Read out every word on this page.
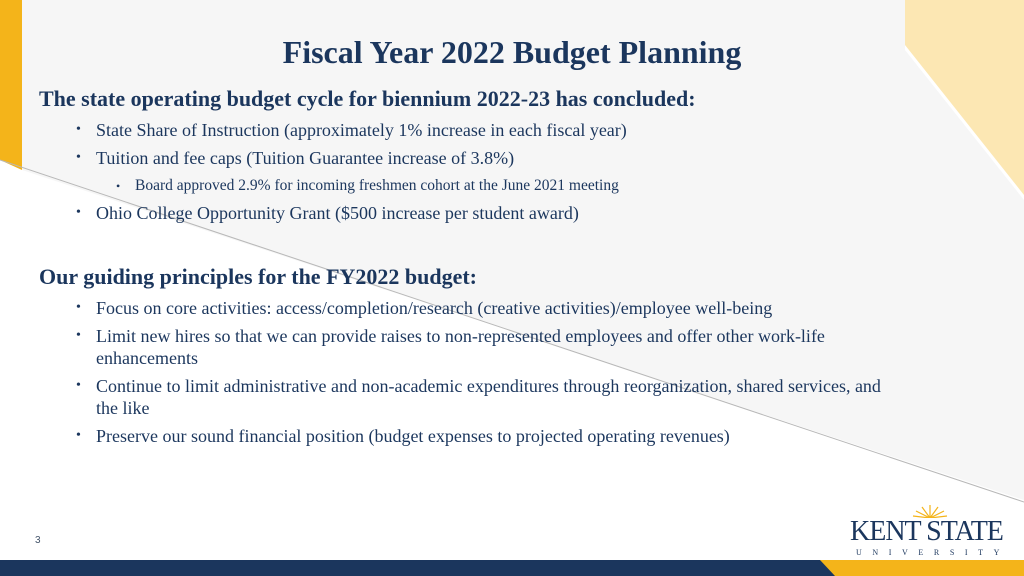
Fiscal Year 2022 Budget Planning
The state operating budget cycle for biennium 2022-23 has concluded:
• State Share of Instruction (approximately 1% increase in each fiscal year)
• Tuition and fee caps (Tuition Guarantee increase of 3.8%)
• Board approved 2.9% for incoming freshmen cohort at the June 2021 meeting
• Ohio College Opportunity Grant ($500 increase per student award)
Our guiding principles for the FY2022 budget:
• Focus on core activities: access/completion/research (creative activities)/employee well-being
• Limit new hires so that we can provide raises to non-represented employees and offer other work-life enhancements
• Continue to limit administrative and non-academic expenditures through reorganization, shared services, and the like
• Preserve our sound financial position (budget expenses to projected operating revenues)
3	KENT STATE
UNIVERSITY
